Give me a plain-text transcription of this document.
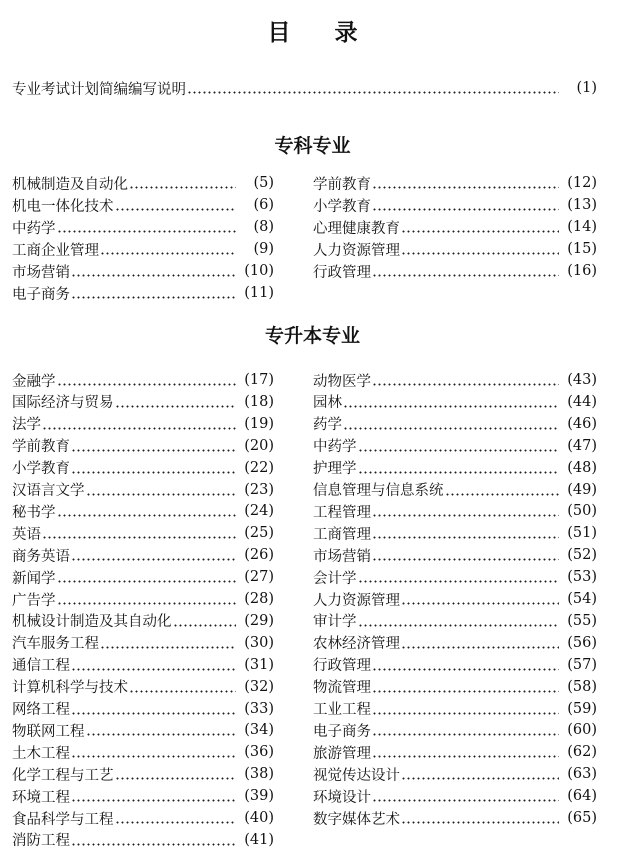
目 录
专业考试计划简编编写说明	(1)
专科专业
机械制造及自动化	(5)
机电一体化技术	(6)
中药学	(8)
工商企业管理	(9)
市场营销	(10)
电子商务	(11)
学前教育	(12)
小学教育	(13)
心理健康教育	(14)
人力资源管理	(15)
行政管理	(16)
专升本专业
金融学	(17)
国际经济与贸易	(18)
法学	(19)
学前教育	(20)
小学教育	(22)
汉语言文学	(23)
秘书学	(24)
英语	(25)
商务英语	(26)
新闻学	(27)
广告学	(28)
机械设计制造及其自动化	(29)
汽车服务工程	(30)
通信工程	(31)
计算机科学与技术	(32)
网络工程	(33)
物联网工程	(34)
土木工程	(36)
化学工程与工艺	(38)
环境工程	(39)
食品科学与工程	(40)
消防工程	(41)
动物医学	(43)
园林	(44)
药学	(46)
中药学	(47)
护理学	(48)
信息管理与信息系统	(49)
工程管理	(50)
工商管理	(51)
市场营销	(52)
会计学	(53)
人力资源管理	(54)
审计学	(55)
农林经济管理	(56)
行政管理	(57)
物流管理	(58)
工业工程	(59)
电子商务	(60)
旅游管理	(62)
视觉传达设计	(63)
环境设计	(64)
数字媒体艺术	(65)
